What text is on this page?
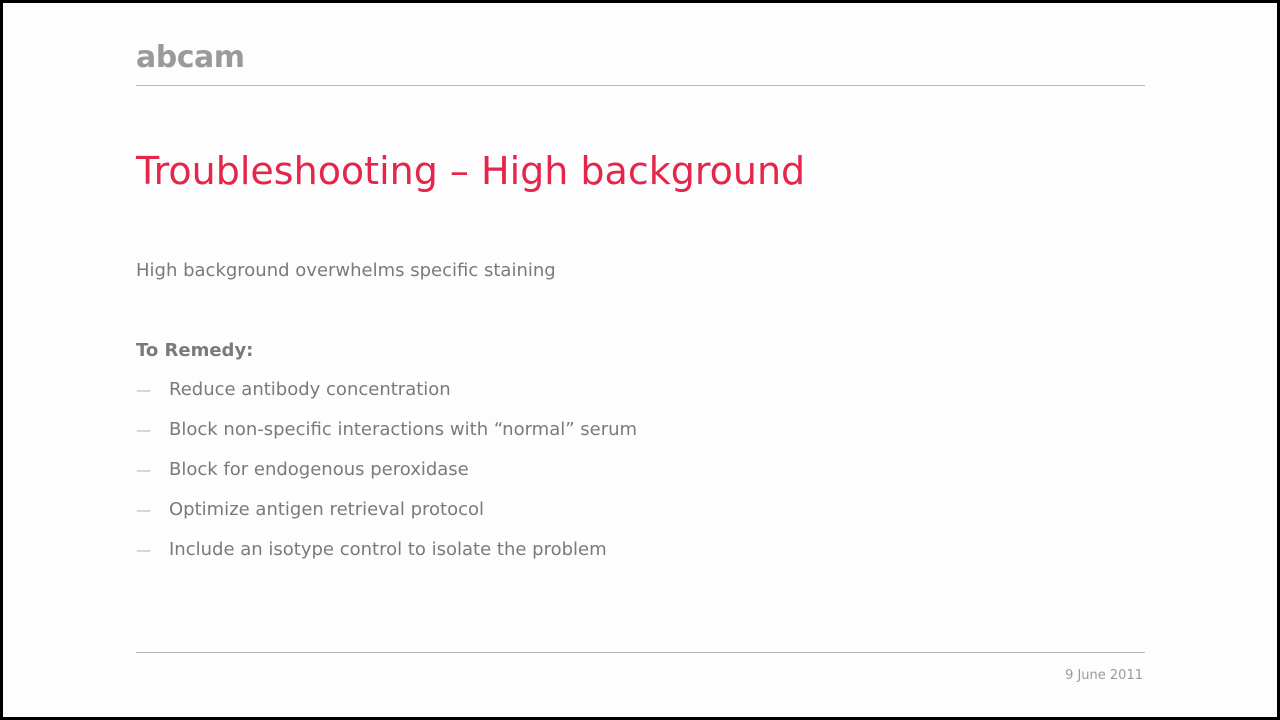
abcam
Troubleshooting – High background
High background overwhelms specific staining
To Remedy:
—	Reduce antibody concentration
—	Block non-specific interactions with “normal” serum
—	Block for endogenous peroxidase
—	Optimize antigen retrieval protocol
—	Include an isotype control to isolate the problem
9 June 2011
